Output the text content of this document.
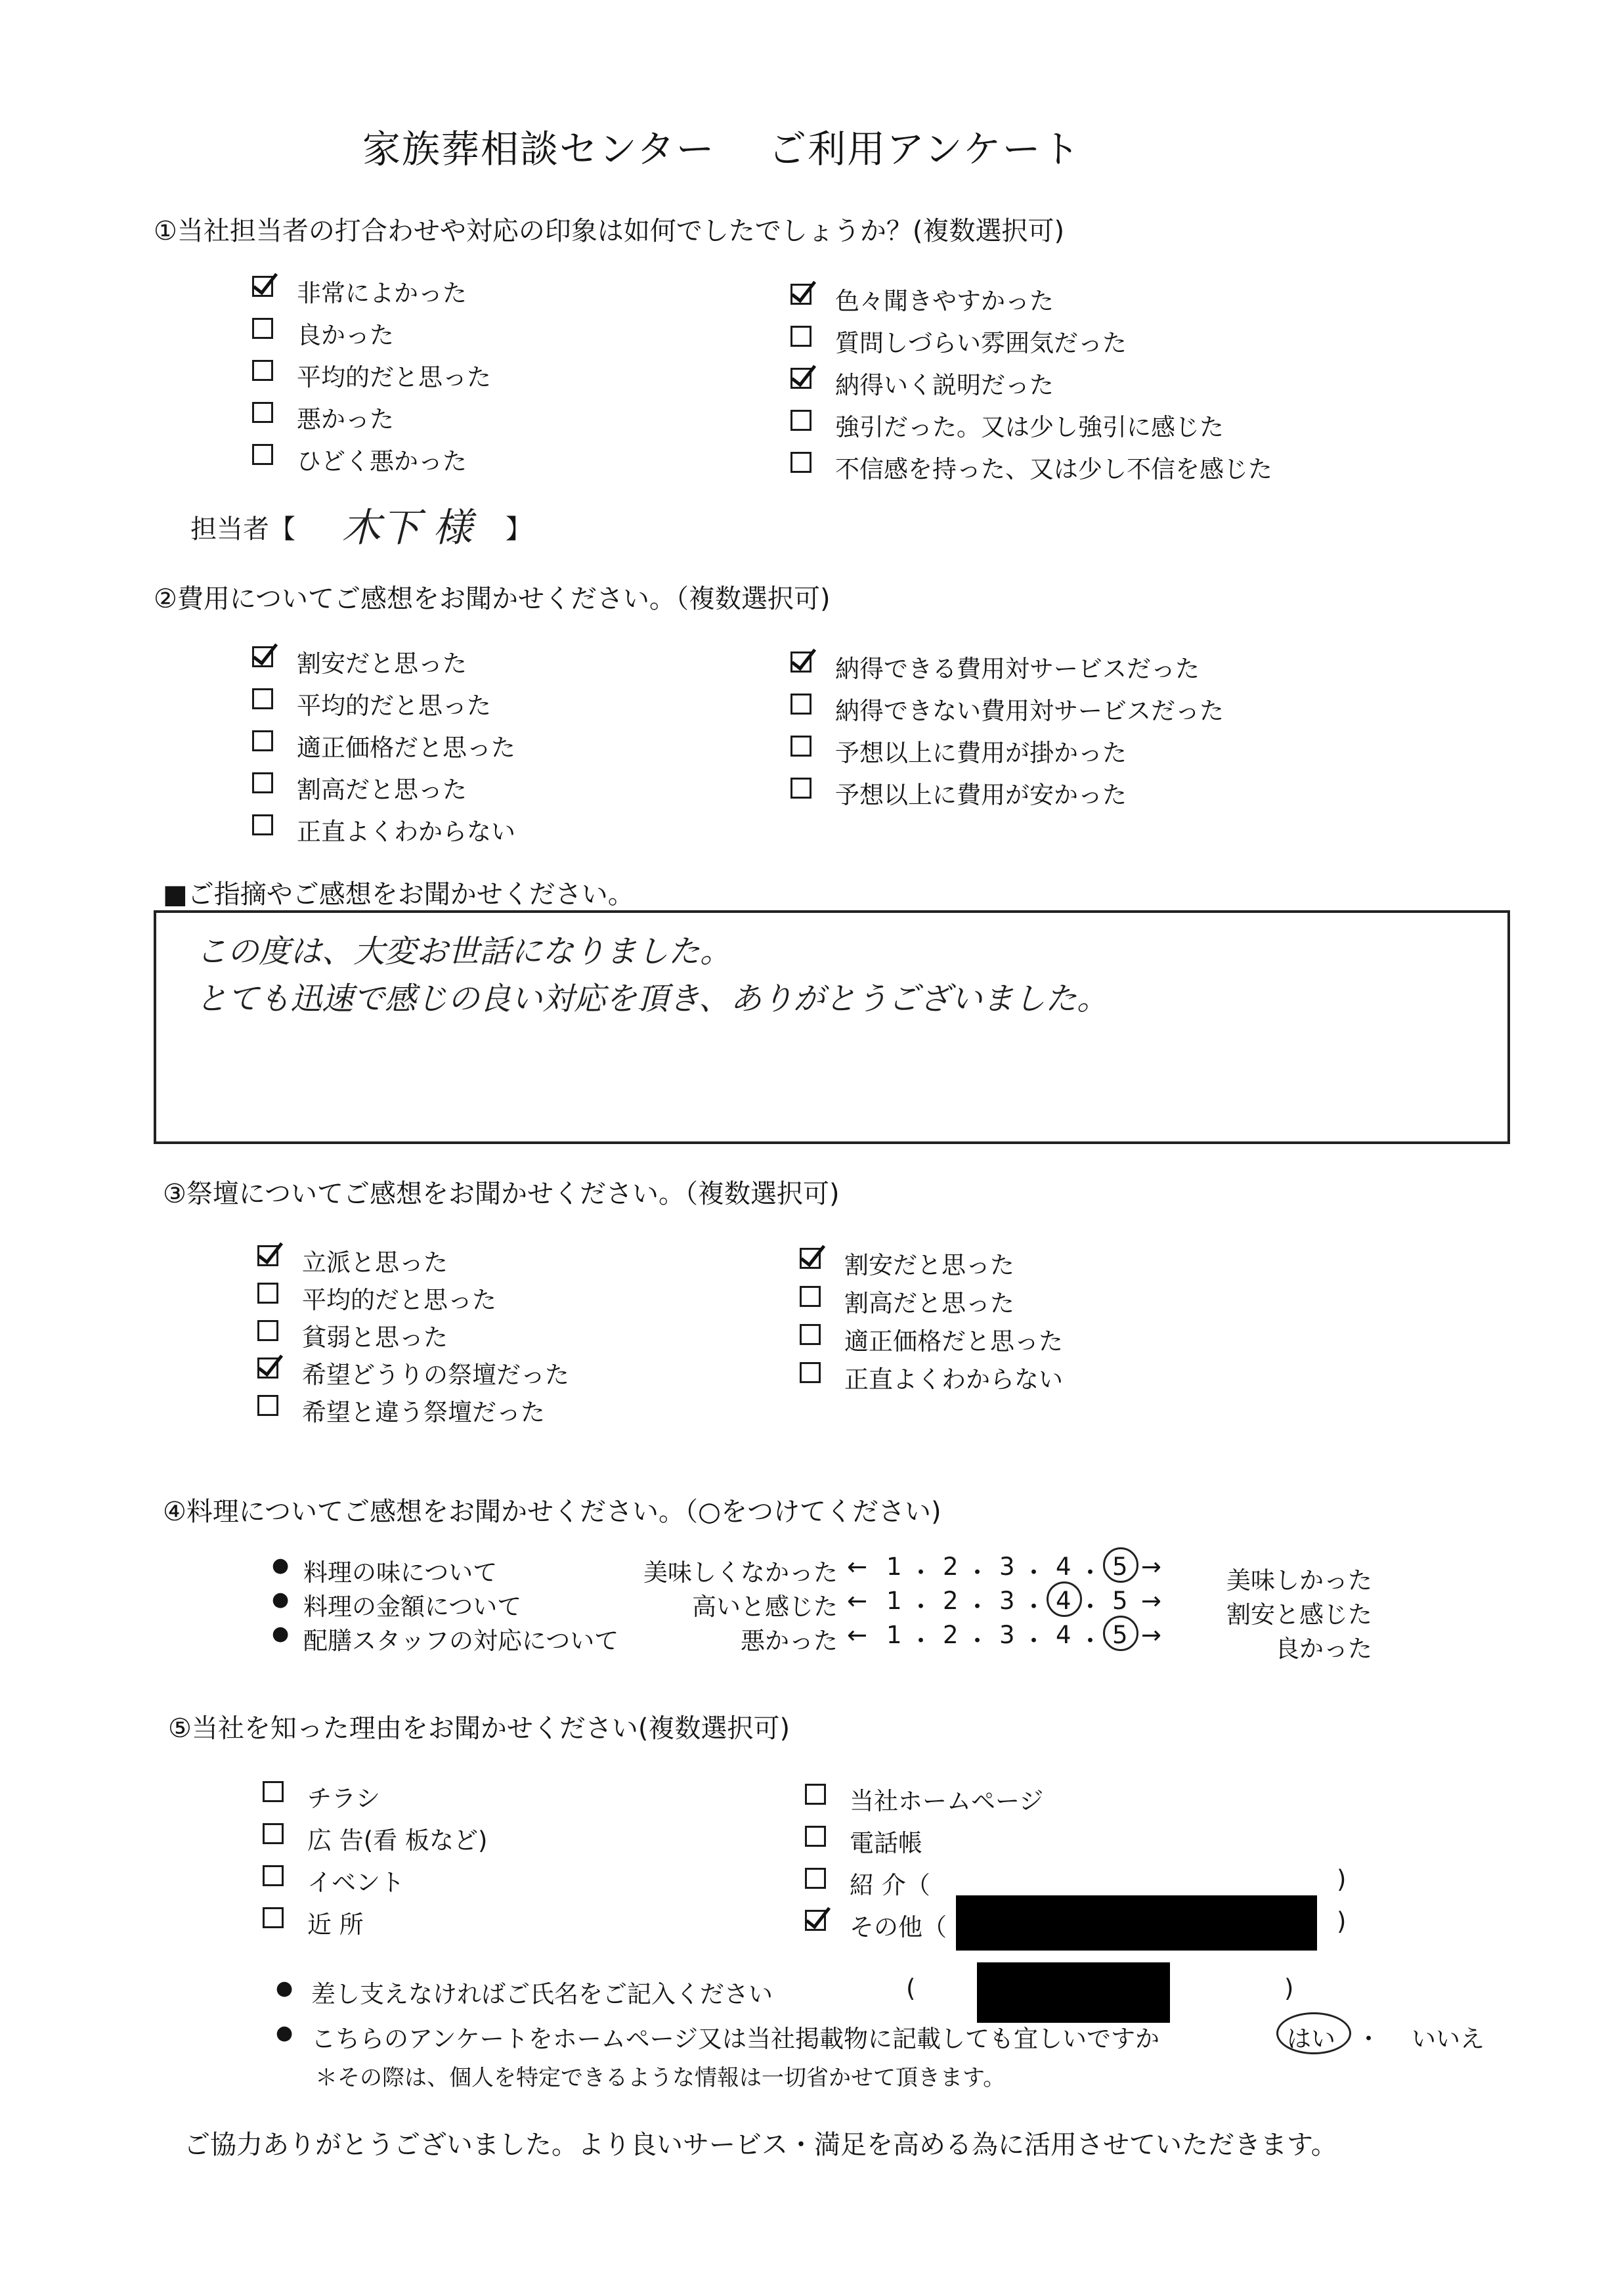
家族葬相談センター　 ご利用アンケート
①当社担当者の打合わせや対応の印象は如何でしたでしょうか？(複数選択可)
非常によかった
良かった
平均的だと思った
悪かった
ひどく悪かった
色々聞きやすかった
質問しづらい雰囲気だった
納得いく説明だった
強引だった。又は少し強引に感じた
不信感を持った、又は少し不信を感じた
担当者【 木下 様 】
②費用についてご感想をお聞かせください。（複数選択可)
割安だと思った
平均的だと思った
適正価格だと思った
割高だと思った
正直よくわからない
納得できる費用対サービスだった
納得できない費用対サービスだった
予想以上に費用が掛かった
予想以上に費用が安かった
■ご指摘やご感想をお聞かせください。
この度は、大変お世話になりました。
とても迅速で感じの良い対応を頂き、ありがとうございました。
③祭壇についてご感想をお聞かせください。（複数選択可)
立派と思った
平均的だと思った
貧弱と思った
希望どうりの祭壇だった
希望と違う祭壇だった
割安だと思った
割高だと思った
適正価格だと思った
正直よくわからない
④料理についてご感想をお聞かせください。（○をつけてください)
● 料理の味について	美味しくなかった ← 1 ・ 2 ・ 3 ・ 4 ・ 5 →	美味しかった
● 料理の金額について	高いと感じた ← 1 ・ 2 ・ 3 ・ 4 ・ 5 →	割安と感じた
● 配膳スタッフの対応について	悪かった ← 1 ・ 2 ・ 3 ・ 4 ・ 5 →	良かった
⑤当社を知った理由をお聞かせください(複数選択可)
チラシ
広 告(看 板など)
イベント
近 所
当社ホームページ
電話帳
紹 介（
その他（
)
)
● 差し支えなければご氏名をご記入ください	(	)
● こちらのアンケートをホームページ又は当社掲載物に記載しても宜しいですか	はい ・ いいえ
＊その際は、個人を特定できるような情報は一切省かせて頂きます。
ご協力ありがとうございました。より良いサービス・満足を高める為に活用させていただきます。
